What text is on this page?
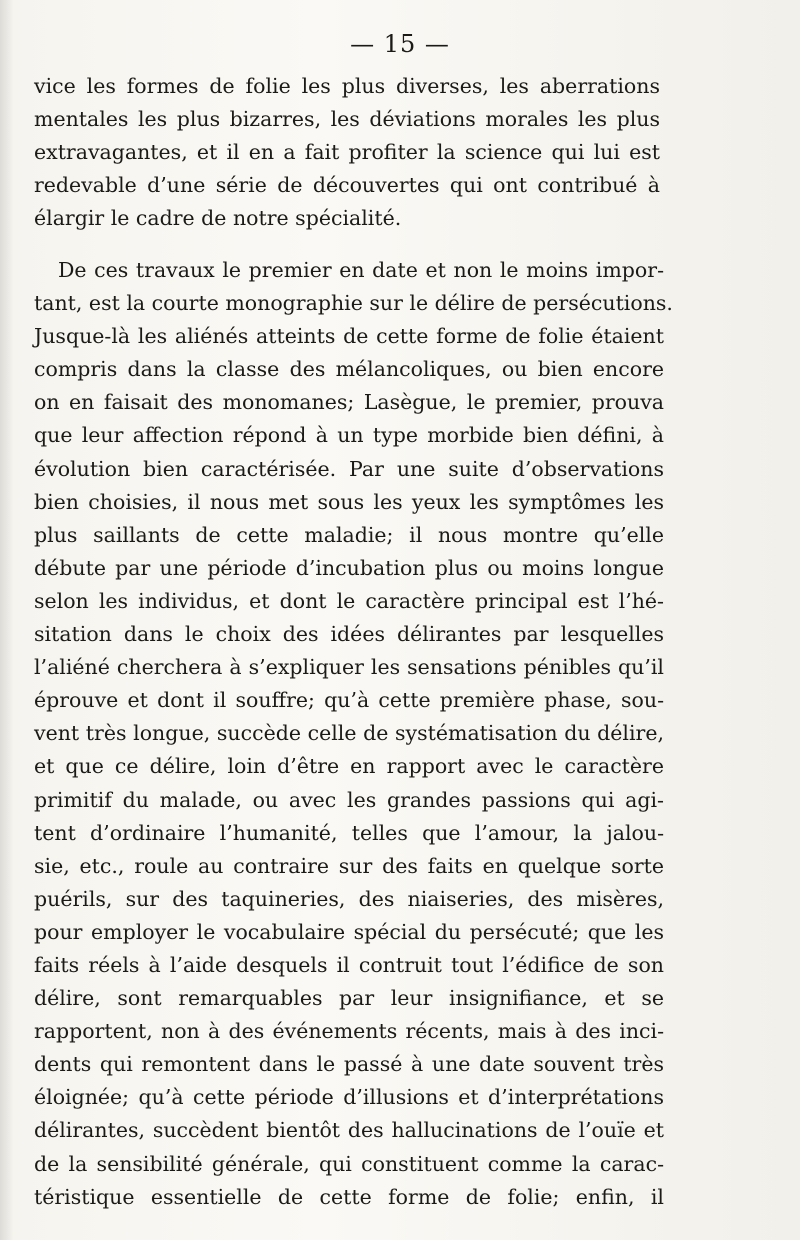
— 15 —
vice les formes de folie les plus diverses, les aberrations
mentales les plus bizarres, les déviations morales les plus
extravagantes, et il en a fait profiter la science qui lui est
redevable d’une série de découvertes qui ont contribué à
élargir le cadre de notre spécialité.
De ces travaux le premier en date et non le moins impor-
tant, est la courte monographie sur le délire de persécutions.
Jusque-là les aliénés atteints de cette forme de folie étaient
compris dans la classe des mélancoliques, ou bien encore
on en faisait des monomanes; Lasègue, le premier, prouva
que leur affection répond à un type morbide bien défini, à
évolution bien caractérisée. Par une suite d’observations
bien choisies, il nous met sous les yeux les symptômes les
plus saillants de cette maladie; il nous montre qu’elle
débute par une période d’incubation plus ou moins longue
selon les individus, et dont le caractère principal est l’hé-
sitation dans le choix des idées délirantes par lesquelles
l’aliéné cherchera à s’expliquer les sensations pénibles qu’il
éprouve et dont il souffre; qu’à cette première phase, sou-
vent très longue, succède celle de systématisation du délire,
et que ce délire, loin d’être en rapport avec le caractère
primitif du malade, ou avec les grandes passions qui agi-
tent d’ordinaire l’humanité, telles que l’amour, la jalou-
sie, etc., roule au contraire sur des faits en quelque sorte
puérils, sur des taquineries, des niaiseries, des misères,
pour employer le vocabulaire spécial du persécuté; que les
faits réels à l’aide desquels il contruit tout l’édifice de son
délire, sont remarquables par leur insignifiance, et se
rapportent, non à des événements récents, mais à des inci-
dents qui remontent dans le passé à une date souvent très
éloignée; qu’à cette période d’illusions et d’interprétations
délirantes, succèdent bientôt des hallucinations de l’ouïe et
de la sensibilité générale, qui constituent comme la carac-
téristique essentielle de cette forme de folie; enfin, il
